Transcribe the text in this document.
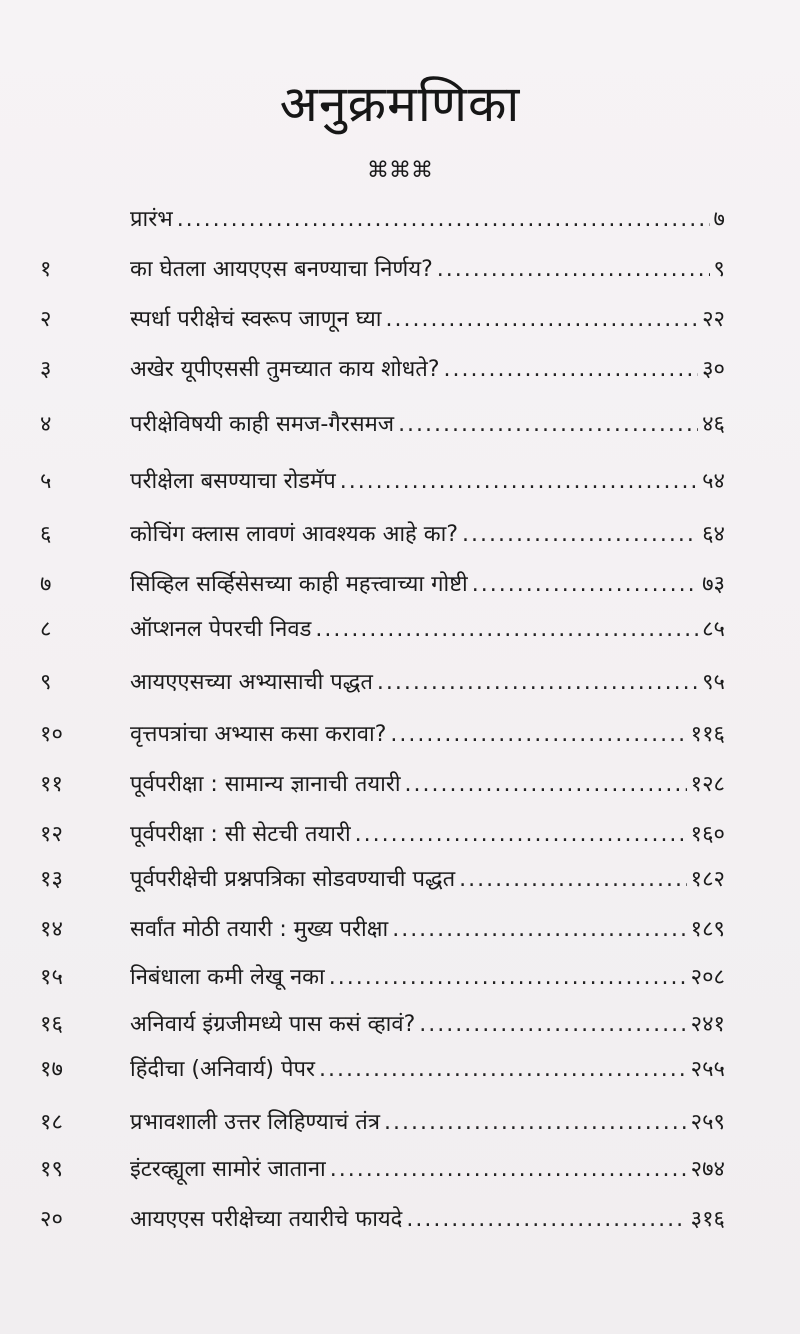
अनुक्रमणिका
⌘⌘⌘
प्रारंभ .....	७
१	का घेतला आयएएस बनण्याचा निर्णय? .....	९
२	स्पर्धा परीक्षेचं स्वरूप जाणून घ्या .....	२२
३	अखेर यूपीएससी तुमच्यात काय शोधते? .....	३०
४	परीक्षेविषयी काही समज-गैरसमज .....	४६
५	परीक्षेला बसण्याचा रोडमॅप .....	५४
६	कोचिंग क्लास लावणं आवश्यक आहे का? .....	६४
७	सिव्हिल सर्व्हिसेसच्या काही महत्त्वाच्या गोष्टी .....	७३
८	ऑप्शनल पेपरची निवड .....	८५
९	आयएएसच्या अभ्यासाची पद्धत .....	९५
१०	वृत्तपत्रांचा अभ्यास कसा करावा? .....	११६
११	पूर्वपरीक्षा : सामान्य ज्ञानाची तयारी .....	१२८
१२	पूर्वपरीक्षा : सी सेटची तयारी .....	१६०
१३	पूर्वपरीक्षेची प्रश्नपत्रिका सोडवण्याची पद्धत .....	१८२
१४	सर्वांत मोठी तयारी : मुख्य परीक्षा .....	१८९
१५	निबंधाला कमी लेखू नका .....	२०८
१६	अनिवार्य इंग्रजीमध्ये पास कसं व्हावं? .....	२४१
१७	हिंदीचा (अनिवार्य) पेपर .....	२५५
१८	प्रभावशाली उत्तर लिहिण्याचं तंत्र .....	२५९
१९	इंटरव्ह्यूला सामोरं जाताना .....	२७४
२०	आयएएस परीक्षेच्या तयारीचे फायदे .....	३१६
